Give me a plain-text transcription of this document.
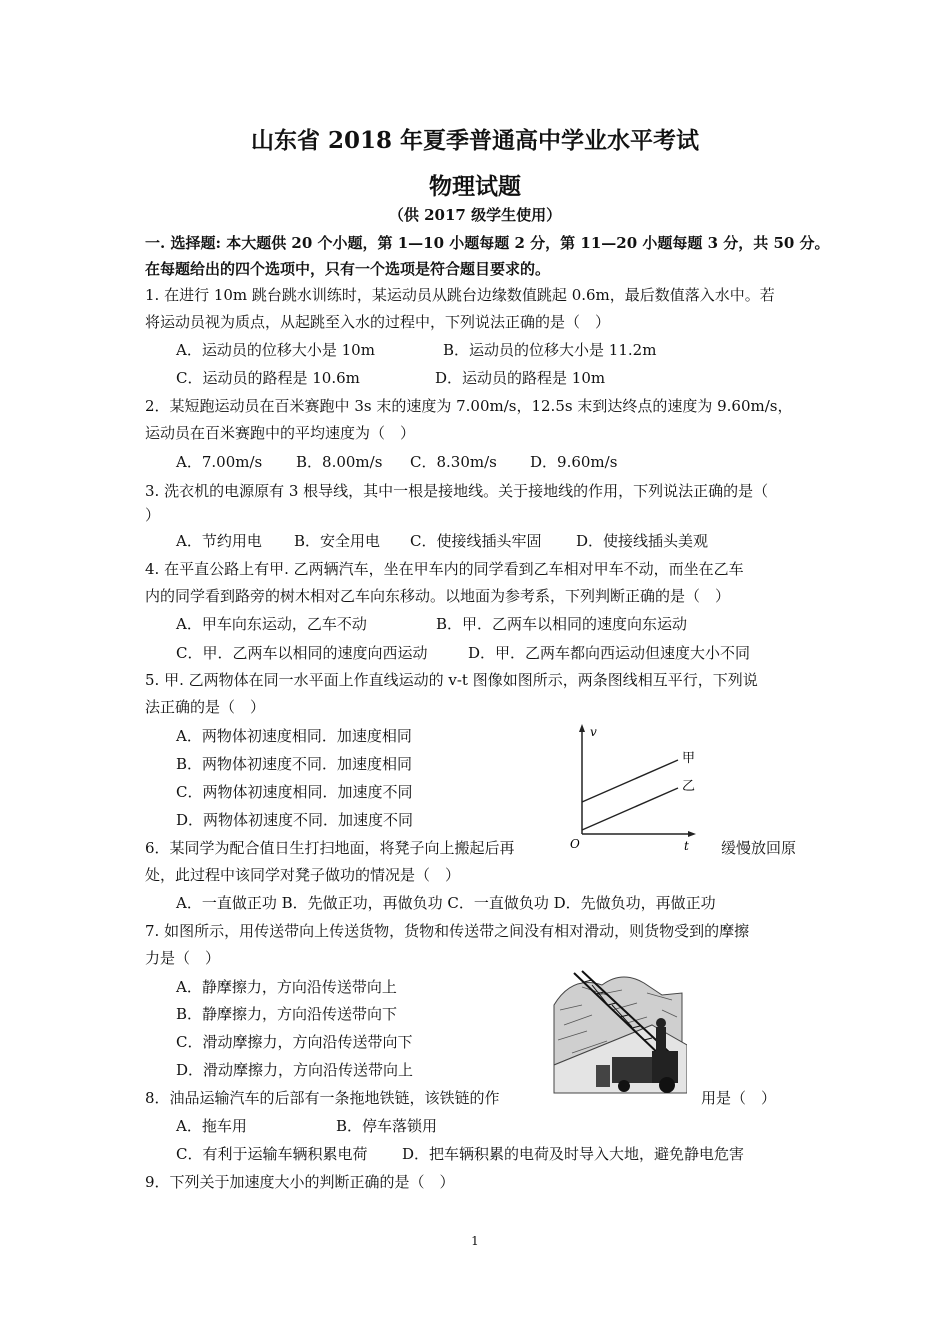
山东省 2018 年夏季普通高中学业水平考试
物理试题
（供 2017 级学生使用）
一. 选择题: 本大题供 20 个小题，第 1—10 小题每题 2 分，第 11—20 小题每题 3 分，共 50 分。
在每题给出的四个选项中，只有一个选项是符合题目要求的。
1. 在进行 10m 跳台跳水训练时，某运动员从跳台边缘数值跳起 0.6m，最后数值落入水中。若
将运动员视为质点，从起跳至入水的过程中，下列说法正确的是（　）
A．运动员的位移大小是 10m	B．运动员的位移大小是 11.2m
C．运动员的路程是 10.6m	D．运动员的路程是 10m
2．某短跑运动员在百米赛跑中 3s 末的速度为 7.00m/s，12.5s 末到达终点的速度为 9.60m/s，
运动员在百米赛跑中的平均速度为（　）
A．7.00m/s B．8.00m/s C．8.30m/s D．9.60m/s
3. 洗衣机的电源原有 3 根导线，其中一根是接地线。关于接地线的作用，下列说法正确的是（
）
A．节约用电 B．安全用电 C．使接线插头牢固 D．使接线插头美观
4. 在平直公路上有甲. 乙两辆汽车，坐在甲车内的同学看到乙车相对甲车不动，而坐在乙车
内的同学看到路旁的树木相对乙车向东移动。以地面为参考系，下列判断正确的是（　）
A．甲车向东运动，乙车不动	B．甲．乙两车以相同的速度向东运动
C．甲．乙两车以相同的速度向西运动	D．甲．乙两车都向西运动但速度大小不同
5. 甲. 乙两物体在同一水平面上作直线运动的 v-t 图像如图所示，两条图线相互平行，下列说
法正确的是（　）
A．两物体初速度相同．加速度相同
B．两物体初速度不同．加速度相同
C．两物体初速度相同．加速度不同
D．两物体初速度不同．加速度不同
v
t
O
甲
乙
6．某同学为配合值日生打扫地面，将凳子向上搬起后再	缓慢放回原
处，此过程中该同学对凳子做功的情况是（　）
A．一直做正功 B．先做正功，再做负功 C．一直做负功 D．先做负功，再做正功
7. 如图所示，用传送带向上传送货物，货物和传送带之间没有相对滑动，则货物受到的摩擦
力是（　）
A．静摩擦力，方向沿传送带向上
B．静摩擦力，方向沿传送带向下
C．滑动摩擦力，方向沿传送带向下
D．滑动摩擦力，方向沿传送带向上
8．油品运输汽车的后部有一条拖地铁链，该铁链的作	用是（　）
A．拖车用	B．停车落锁用
C．有利于运输车辆积累电荷 D．把车辆积累的电荷及时导入大地，避免静电危害
9．下列关于加速度大小的判断正确的是（　）
1
